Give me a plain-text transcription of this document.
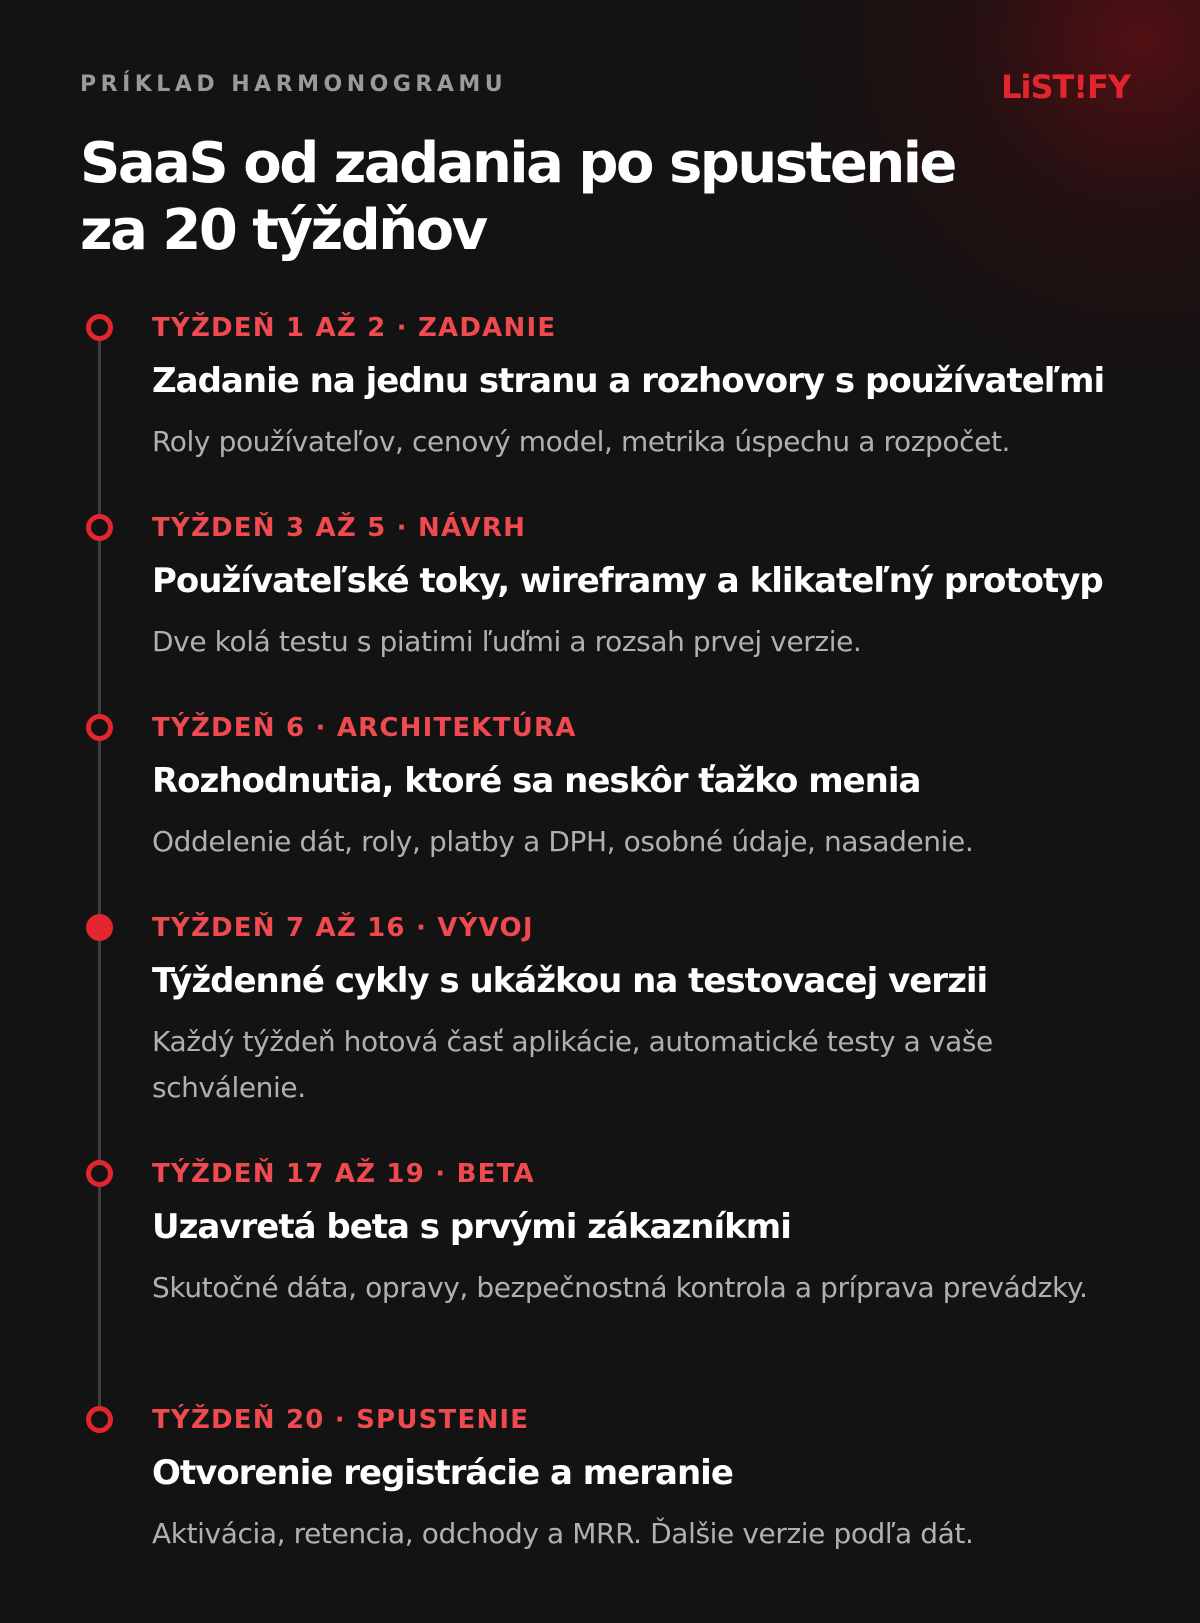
PRÍKLAD HARMONOGRAMU	LiST!FY
SaaS od zadania po spustenie
za 20 týždňov
TÝŽDEŇ 1 AŽ 2 · ZADANIE
Zadanie na jednu stranu a rozhovory s používateľmi
Roly používateľov, cenový model, metrika úspechu a rozpočet.
TÝŽDEŇ 3 AŽ 5 · NÁVRH
Používateľské toky, wireframy a klikateľný prototyp
Dve kolá testu s piatimi ľuďmi a rozsah prvej verzie.
TÝŽDEŇ 6 · ARCHITEKTÚRA
Rozhodnutia, ktoré sa neskôr ťažko menia
Oddelenie dát, roly, platby a DPH, osobné údaje, nasadenie.
TÝŽDEŇ 7 AŽ 16 · VÝVOJ
Týždenné cykly s ukážkou na testovacej verzii
Každý týždeň hotová časť aplikácie, automatické testy a vaše schválenie.
TÝŽDEŇ 17 AŽ 19 · BETA
Uzavretá beta s prvými zákazníkmi
Skutočné dáta, opravy, bezpečnostná kontrola a príprava prevádzky.
TÝŽDEŇ 20 · SPUSTENIE
Otvorenie registrácie a meranie
Aktivácia, retencia, odchody a MRR. Ďalšie verzie podľa dát.
